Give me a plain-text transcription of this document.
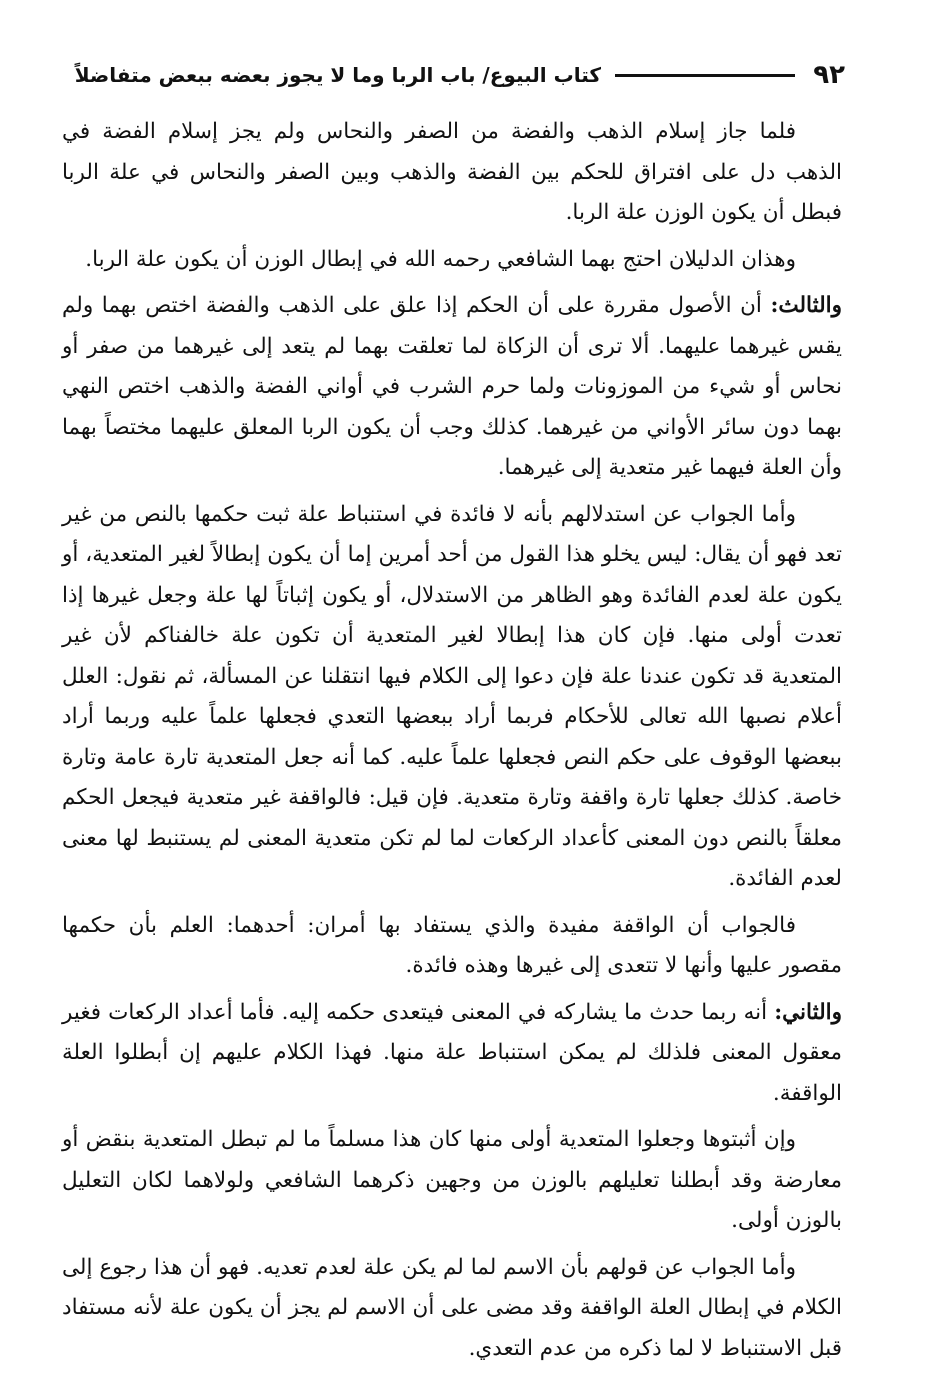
٩٢
كتاب البيوع/ باب الربا وما لا يجوز بعضه ببعض متفاضلاً

فلما جاز إسلام الذهب والفضة من الصفر والنحاس ولم يجز إسلام الفضة في الذهب دل على افتراق للحكم بين الفضة والذهب وبين الصفر والنحاس في علة الربا فبطل أن يكون الوزن علة الربا.

وهذان الدليلان احتج بهما الشافعي رحمه الله في إبطال الوزن أن يكون علة الربا.

والثالث: أن الأصول مقررة على أن الحكم إذا علق على الذهب والفضة اختص بهما ولم يقس غيرهما عليهما. ألا ترى أن الزكاة لما تعلقت بهما لم يتعد إلى غيرهما من صفر أو نحاس أو شيء من الموزونات ولما حرم الشرب في أواني الفضة والذهب اختص النهي بهما دون سائر الأواني من غيرهما. كذلك وجب أن يكون الربا المعلق عليهما مختصاً بهما وأن العلة فيهما غير متعدية إلى غيرهما.

وأما الجواب عن استدلالهم بأنه لا فائدة في استنباط علة ثبت حكمها بالنص من غير تعد فهو أن يقال: ليس يخلو هذا القول من أحد أمرين إما أن يكون إبطالاً لغير المتعدية، أو يكون علة لعدم الفائدة وهو الظاهر من الاستدلال، أو يكون إثباتاً لها علة وجعل غيرها إذا تعدت أولى منها. فإن كان هذا إبطالا لغير المتعدية أن تكون علة خالفناكم لأن غير المتعدية قد تكون عندنا علة فإن دعوا إلى الكلام فيها انتقلنا عن المسألة، ثم نقول: العلل أعلام نصبها الله تعالى للأحكام فربما أراد ببعضها التعدي فجعلها علماً عليه وربما أراد ببعضها الوقوف على حكم النص فجعلها علماً عليه. كما أنه جعل المتعدية تارة عامة وتارة خاصة. كذلك جعلها تارة واقفة وتارة متعدية. فإن قيل: فالواقفة غير متعدية فيجعل الحكم معلقاً بالنص دون المعنى كأعداد الركعات لما لم تكن متعدية المعنى لم يستنبط لها معنى لعدم الفائدة.

فالجواب أن الواقفة مفيدة والذي يستفاد بها أمران: أحدهما: العلم بأن حكمها مقصور عليها وأنها لا تتعدى إلى غيرها وهذه فائدة.

والثاني: أنه ربما حدث ما يشاركه في المعنى فيتعدى حكمه إليه. فأما أعداد الركعات فغير معقول المعنى فلذلك لم يمكن استنباط علة منها. فهذا الكلام عليهم إن أبطلوا العلة الواقفة.

وإن أثبتوها وجعلوا المتعدية أولى منها كان هذا مسلماً ما لم تبطل المتعدية بنقض أو معارضة وقد أبطلنا تعليلهم بالوزن من وجهين ذكرهما الشافعي ولولاهما لكان التعليل بالوزن أولى.

وأما الجواب عن قولهم بأن الاسم لما لم يكن علة لعدم تعديه. فهو أن هذا رجوع إلى الكلام في إبطال العلة الواقفة وقد مضى على أن الاسم لم يجز أن يكون علة لأنه مستفاد قبل الاستنباط لا لما ذكره من عدم التعدي.
